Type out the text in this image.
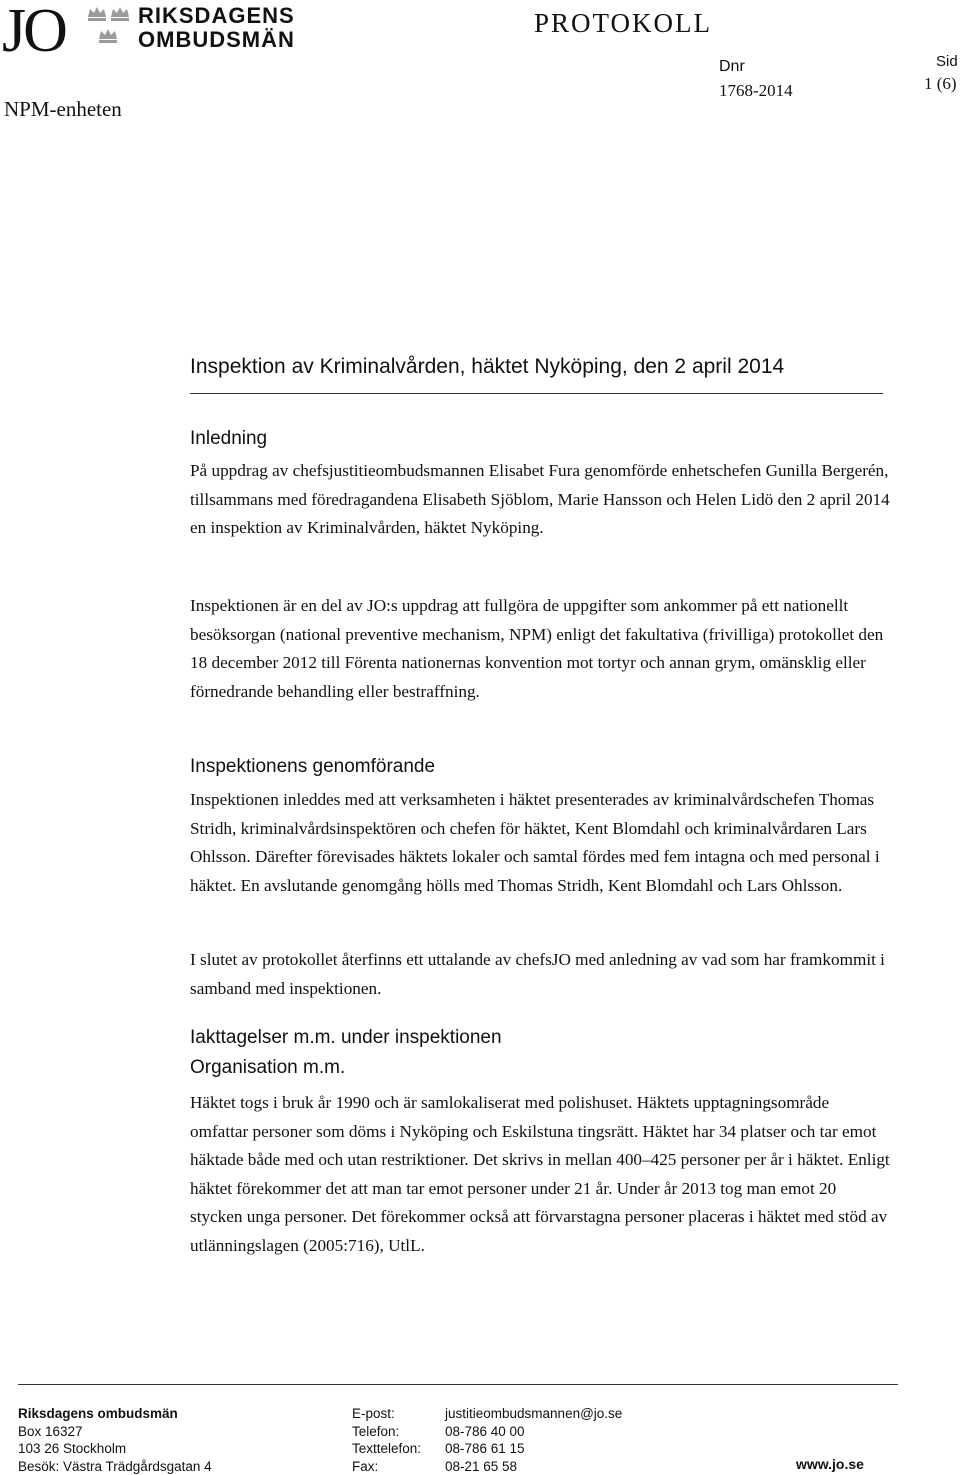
JO	RIKSDAGENS
OMBUDSMÄN
NPM-enheten
PROTOKOLL
Dnr
1768-2014
Sid
1 (6)
Inspektion av Kriminalvården, häktet Nyköping, den 2 april 2014
Inledning

På uppdrag av chefsjustitieombudsmannen Elisabet Fura genomförde enhetschefen Gunilla Bergerén, tillsammans med föredragandena Elisabeth Sjöblom, Marie Hansson och Helen Lidö den 2 april 2014 en inspektion av Kriminalvården, häktet Nyköping.

Inspektionen är en del av JO:s uppdrag att fullgöra de uppgifter som ankommer på ett nationellt besöksorgan (national preventive mechanism, NPM) enligt det fakultativa (frivilliga) protokollet den 18 december 2012 till Förenta nationernas konvention mot tortyr och annan grym, omänsklig eller förnedrande behandling eller bestraffning.

Inspektionens genomförande

Inspektionen inleddes med att verksamheten i häktet presenterades av kriminalvårdschefen Thomas Stridh, kriminalvårdsinspektören och chefen för häktet, Kent Blomdahl och kriminalvårdaren Lars Ohlsson. Därefter förevisades häktets lokaler och samtal fördes med fem intagna och med personal i häktet. En avslutande genomgång hölls med Thomas Stridh, Kent Blomdahl och Lars Ohlsson.

I slutet av protokollet återfinns ett uttalande av chefsJO med anledning av vad som har framkommit i samband med inspektionen.

Iakttagelser m.m. under inspektionen
Organisation m.m.

Häktet togs i bruk år 1990 och är samlokaliserat med polishuset. Häktets upptagningsområde omfattar personer som döms i Nyköping och Eskilstuna tingsrätt. Häktet har 34 platser och tar emot häktade både med och utan restriktioner. Det skrivs in mellan 400–425 personer per år i häktet. Enligt häktet förekommer det att man tar emot personer under 21 år. Under år 2013 tog man emot 20 stycken unga personer. Det förekommer också att förvarstagna personer placeras i häktet med stöd av utlänningslagen (2005:716), UtlL.

Riksdagens ombudsmän
Box 16327
103 26 Stockholm
Besök: Västra Trädgårdsgatan 4
E-post:	justitieombudsmannen@jo.se
Telefon:	08-786 40 00
Texttelefon:	08-786 61 15
Fax:	08-21 65 58	www.jo.se
